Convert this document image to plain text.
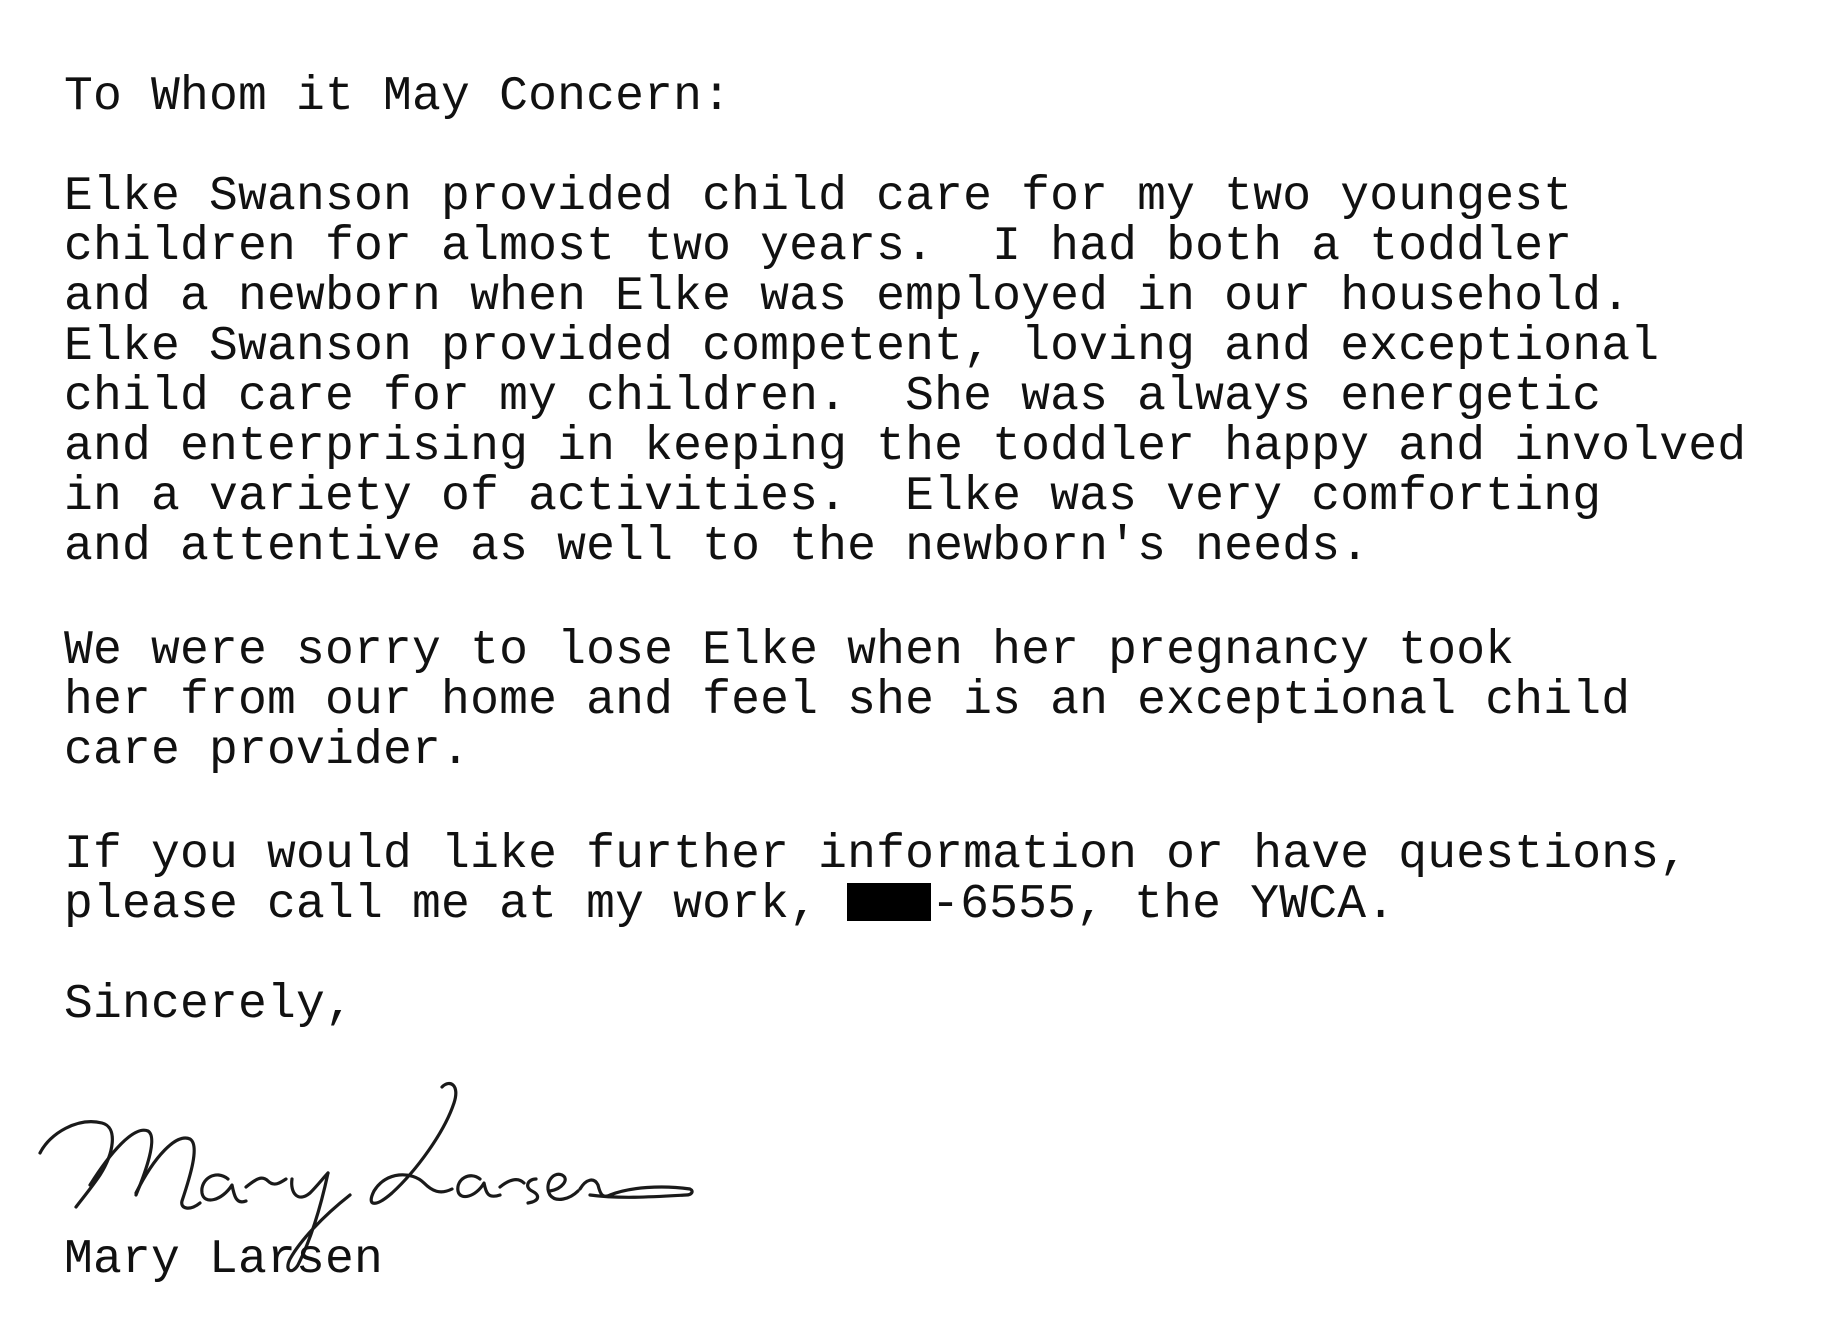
To Whom it May Concern:
Elke Swanson provided child care for my two youngest
children for almost two years.  I had both a toddler
and a newborn when Elke was employed in our household.
Elke Swanson provided competent, loving and exceptional
child care for my children.  She was always energetic
and enterprising in keeping the toddler happy and involved
in a variety of activities.  Elke was very comforting
and attentive as well to the newborn's needs.
We were sorry to lose Elke when her pregnancy took
her from our home and feel she is an exceptional child
care provider.
If you would like further information or have questions,
please call me at my work, -6555, the YWCA.
Sincerely,
Mary Larsen
Mary Larsen
